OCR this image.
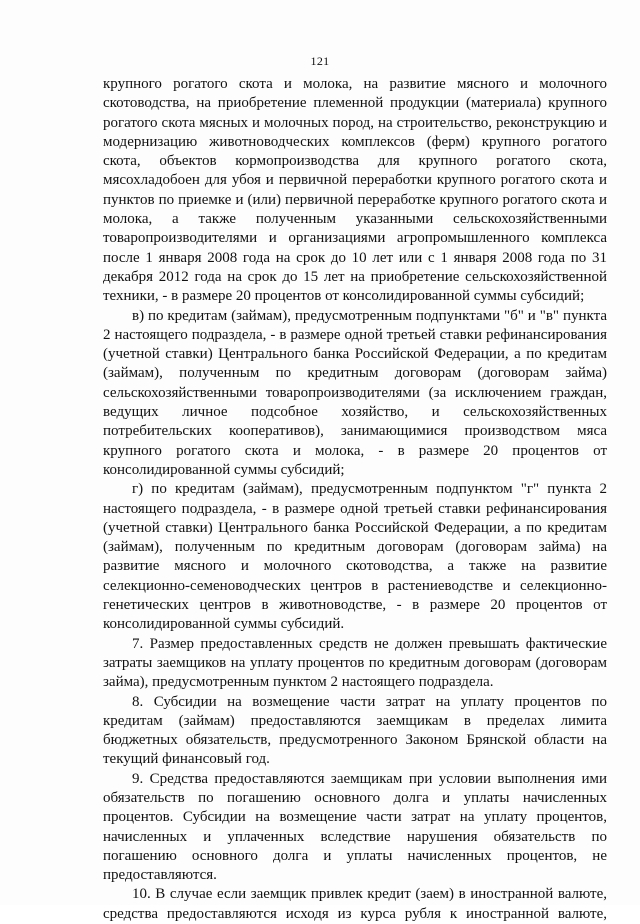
121

крупного рогатого скота и молока, на развитие мясного и молочного скотоводства, на приобретение племенной продукции (материала) крупного рогатого скота мясных и молочных пород, на строительство, реконструкцию и модернизацию животноводческих комплексов (ферм) крупного рогатого скота, объектов кормопроизводства для крупного рогатого скота, мясохладобоен для убоя и первичной переработки крупного рогатого скота и пунктов по приемке и (или) первичной переработке крупного рогатого скота и молока, а также полученным указанными сельскохозяйственными товаропроизводителями и организациями агропромышленного комплекса после 1 января 2008 года на срок до 10 лет или с 1 января 2008 года по 31 декабря 2012 года на срок до 15 лет на приобретение сельскохозяйственной техники, - в размере 20 процентов от консолидированной суммы субсидий;

в) по кредитам (займам), предусмотренным подпунктами "б" и "в" пункта 2 настоящего подраздела, - в размере одной третьей ставки рефинансирования (учетной ставки) Центрального банка Российской Федерации, а по кредитам (займам), полученным по кредитным договорам (договорам займа) сельскохозяйственными товаропроизводителями (за исключением граждан, ведущих личное подсобное хозяйство, и сельскохозяйственных потребительских кооперативов), занимающимися производством мяса крупного рогатого скота и молока, - в размере 20 процентов от консолидированной суммы субсидий;

г) по кредитам (займам), предусмотренным подпунктом "г" пункта 2 настоящего подраздела, - в размере одной третьей ставки рефинансирования (учетной ставки) Центрального банка Российской Федерации, а по кредитам (займам), полученным по кредитным договорам (договорам займа) на развитие мясного и молочного скотоводства, а также на развитие селекционно-семеноводческих центров в растениеводстве и селекционно-генетических центров в животноводстве, - в размере 20 процентов от консолидированной суммы субсидий.

7. Размер предоставленных средств не должен превышать фактические затраты заемщиков на уплату процентов по кредитным договорам (договорам займа), предусмотренным пунктом 2 настоящего подраздела.

8. Субсидии на возмещение части затрат на уплату процентов по кредитам (займам) предоставляются заемщикам в пределах лимита бюджетных обязательств, предусмотренного Законом Брянской области на текущий финансовый год.

9. Средства предоставляются заемщикам при условии выполнения ими обязательств по погашению основного долга и уплаты начисленных процентов. Субсидии на возмещение части затрат на уплату процентов, начисленных и уплаченных вследствие нарушения обязательств по погашению основного долга и уплаты начисленных процентов, не предоставляются.

10. В случае если заемщик привлек кредит (заем) в иностранной валюте, средства предоставляются исходя из курса рубля к иностранной валюте,
